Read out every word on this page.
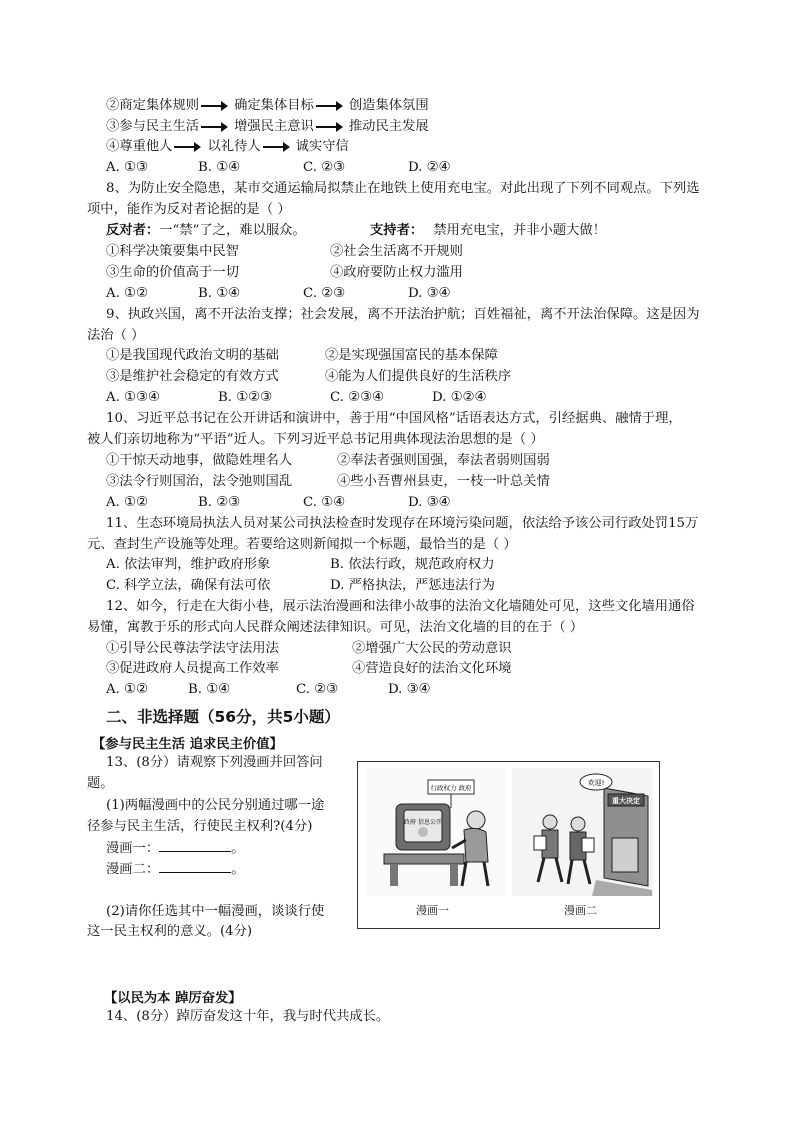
②商定集体规则	确定集体目标	创造集体氛围
③参与民主生活	增强民主意识	推动民主发展
④尊重他人	以礼待人	诚实守信
A. ①③	B. ①④	C. ②③	D. ②④
8、为防止安全隐患，某市交通运输局拟禁止在地铁上使用充电宝。对此出现了下列不同观点。下列选
项中，能作为反对者论据的是（ ）
反对者：一“禁”了之，难以服众。	支持者： 禁用充电宝，并非小题大做！
①科学决策要集中民智	②社会生活离不开规则
③生命的价值高于一切	④政府要防止权力滥用
A. ①②	B. ①④	C. ②③	D. ③④
9、执政兴国，离不开法治支撑；社会发展，离不开法治护航；百姓福祉，离不开法治保障。这是因为
法治（ ）
①是我国现代政治文明的基础	②是实现强国富民的基本保障
③是维护社会稳定的有效方式	④能为人们提供良好的生活秩序
A. ①③④	B. ①②③	C. ②③④	D. ①②④
10、习近平总书记在公开讲话和演讲中，善于用“中国风格”话语表达方式，引经据典、融情于理，
被人们亲切地称为“平语”近人。下列习近平总书记用典体现法治思想的是（ ）
①干惊天动地事，做隐姓埋名人	②奉法者强则国强，奉法者弱则国弱
③法令行则国治，法令弛则国乱	④些小吾曹州县吏，一枝一叶总关情
A. ①②	B. ②③	C. ①④	D. ③④
11、生态环境局执法人员对某公司执法检查时发现存在环境污染问题，依法给予该公司行政处罚15万
元、查封生产设施等处理。若要给这则新闻拟一个标题，最恰当的是（ ）
A. 依法审判，维护政府形象	B. 依法行政，规范政府权力
C. 科学立法，确保有法可依	D. 严格执法，严惩违法行为
12、如今，行走在大街小巷，展示法治漫画和法律小故事的法治文化墙随处可见，这些文化墙用通俗
易懂，寓教于乐的形式向人民群众阐述法律知识。可见，法治文化墙的目的在于（ ）
①引导公民尊法学法守法用法	②增强广大公民的劳动意识
③促进政府人员提高工作效率	④营造良好的法治文化环境
A. ①②	B. ①④	C. ②③	D. ③④
二、非选择题（56分，共5小题）
【参与民主生活 追求民主价值】
13、(8分）请观察下列漫画并回答问
题。
(1)两幅漫画中的公民分别通过哪一途
径参与民主生活，行使民主权利?(4分)
漫画一：	。
漫画二：	。
(2)请你任选其中一幅漫画，谈谈行使
这一民主权利的意义。(4分)
行政权力 政府
政府 信息公开
漫画一
重大决定
欢迎!
漫画二
【以民为本 踔厉奋发】
14、(8分）踔厉奋发这十年，我与时代共成长。
